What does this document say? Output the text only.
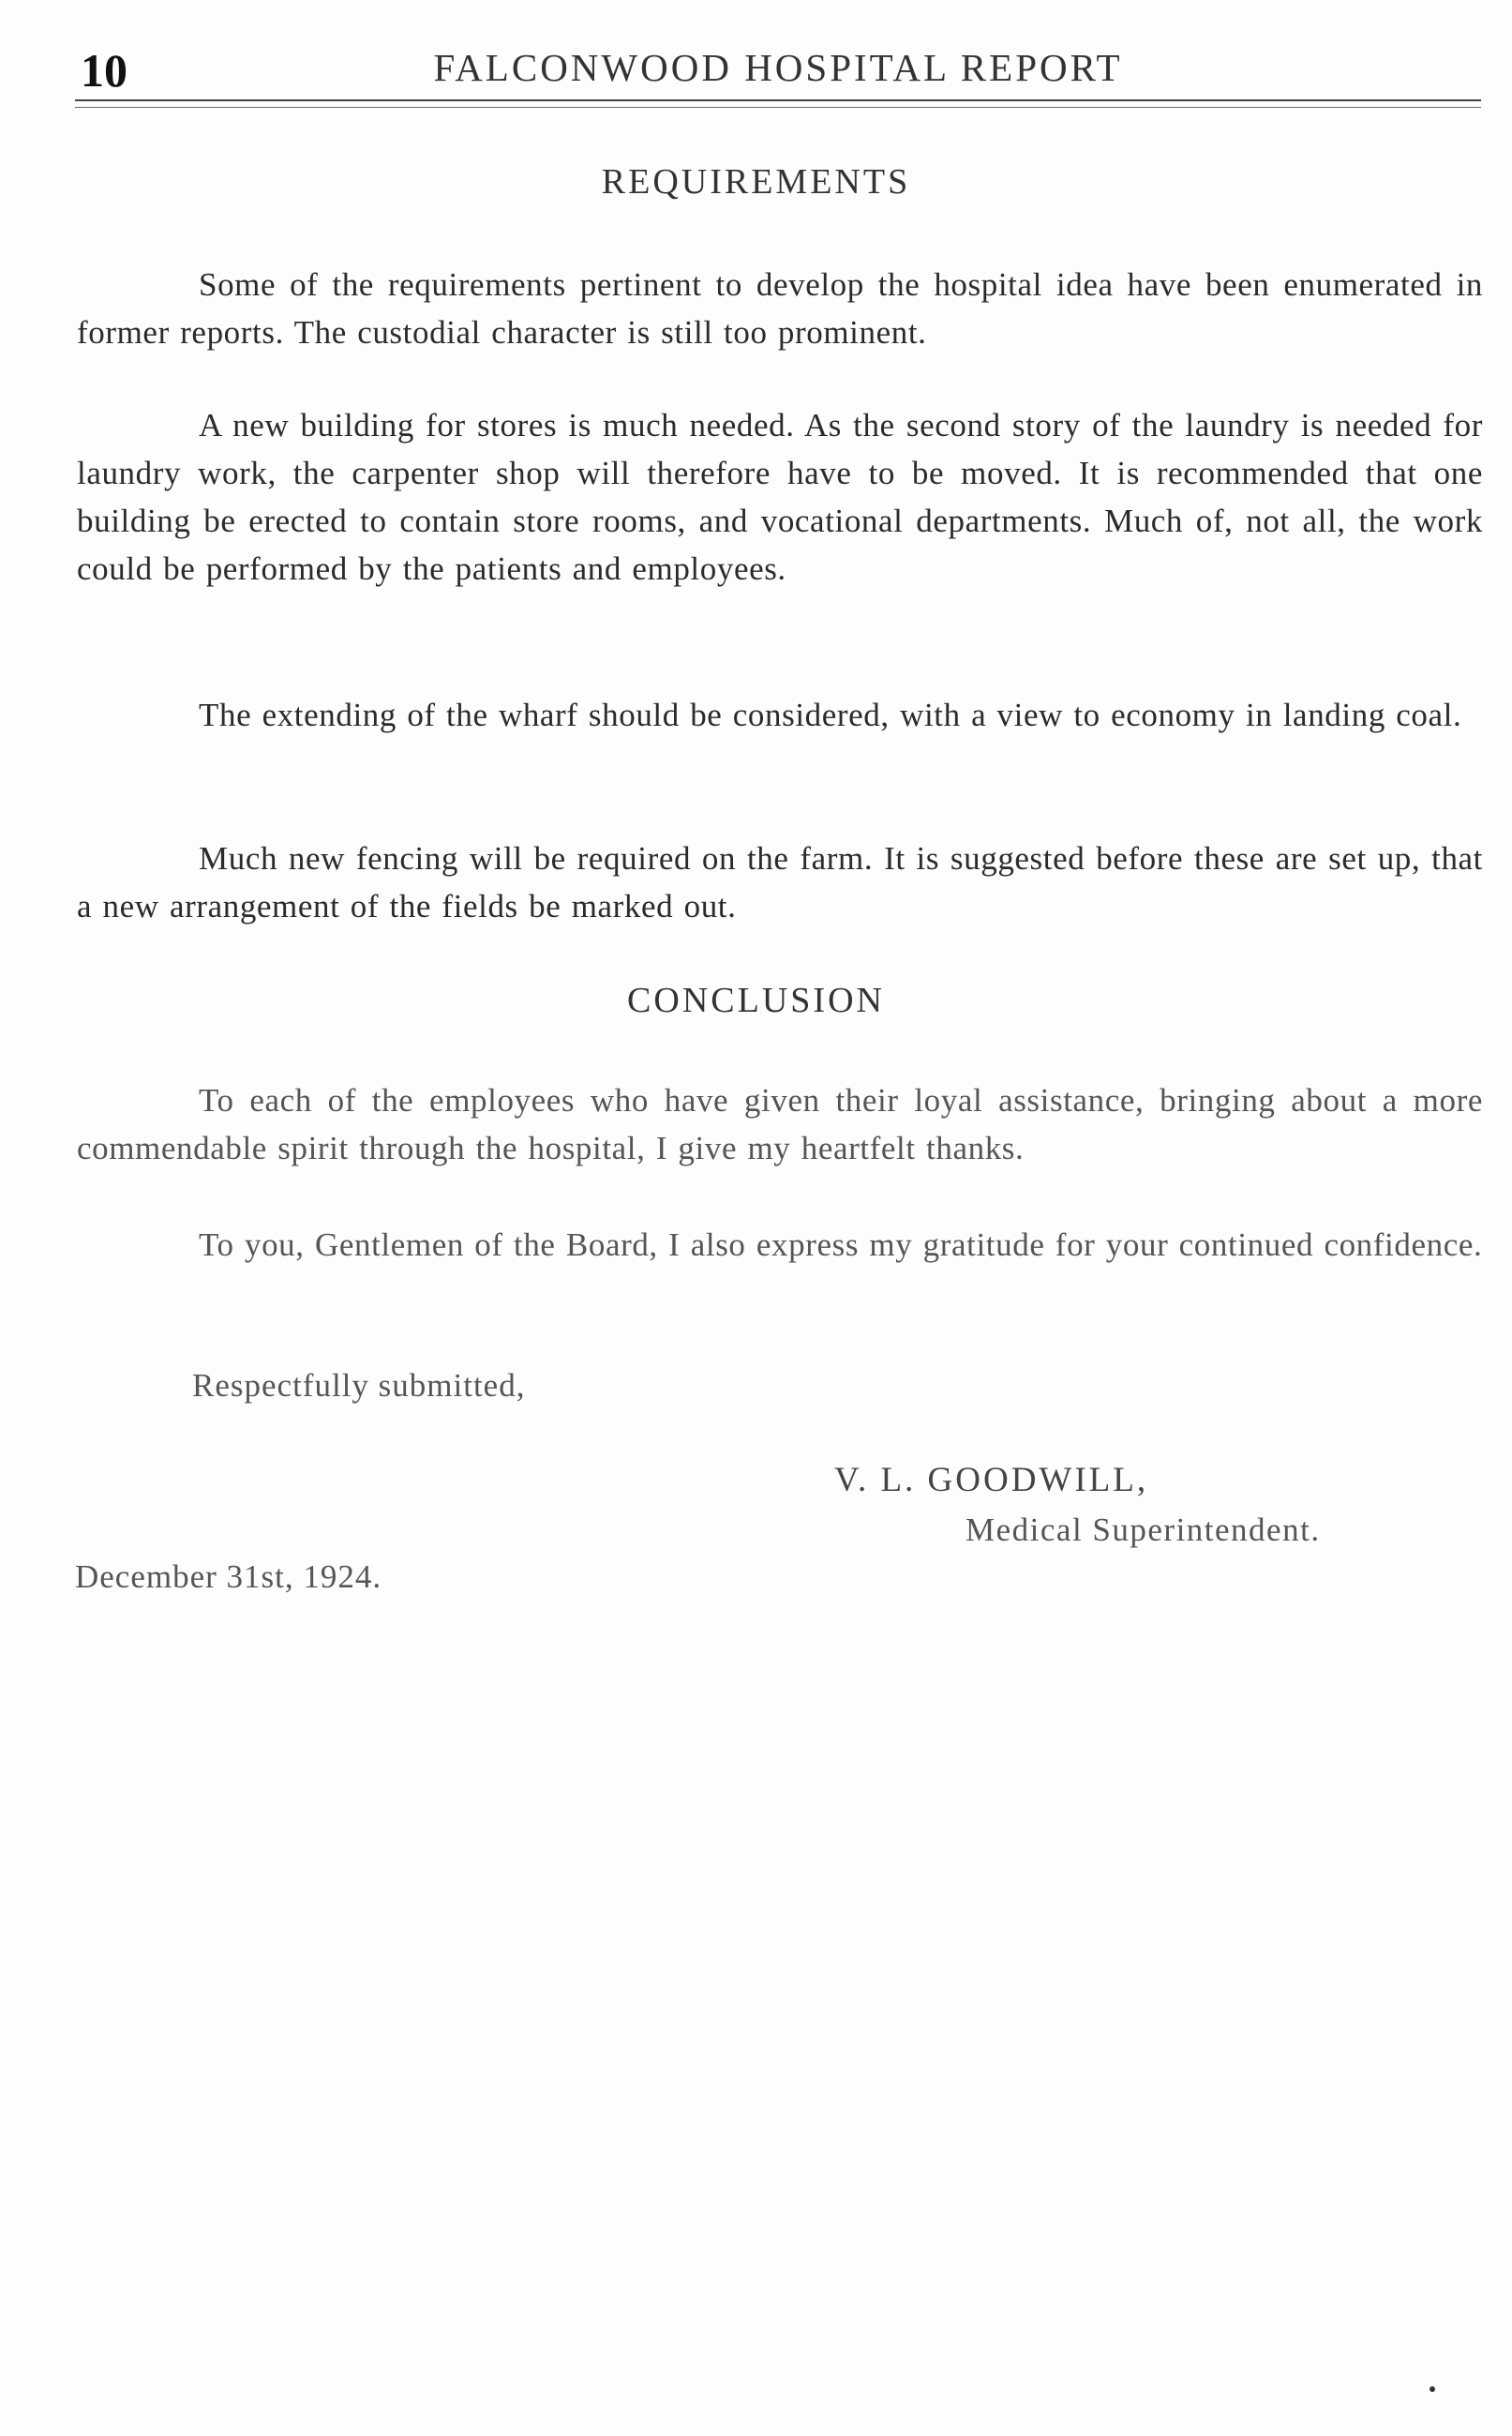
10	FALCONWOOD HOSPITAL REPORT
REQUIREMENTS

Some of the requirements pertinent to develop the hospital idea have been enumerated in former reports. The custodial character is still too prominent.

A new building for stores is much needed. As the second story of the laundry is needed for laundry work, the carpenter shop will therefore have to be moved. It is recommended that one building be erected to contain store rooms, and vocational departments. Much of, not all, the work could be performed by the patients and employees.

The extending of the wharf should be considered, with a view to economy in landing coal.

Much new fencing will be required on the farm. It is suggested before these are set up, that a new arrangement of the fields be marked out.

CONCLUSION

To each of the employees who have given their loyal assistance, bringing about a more commendable spirit through the hospital, I give my heartfelt thanks.

To you, Gentlemen of the Board, I also express my gratitude for your continued confidence.

Respectfully submitted,
V. L. GOODWILL,
Medical Superintendent.
December 31st, 1924.
